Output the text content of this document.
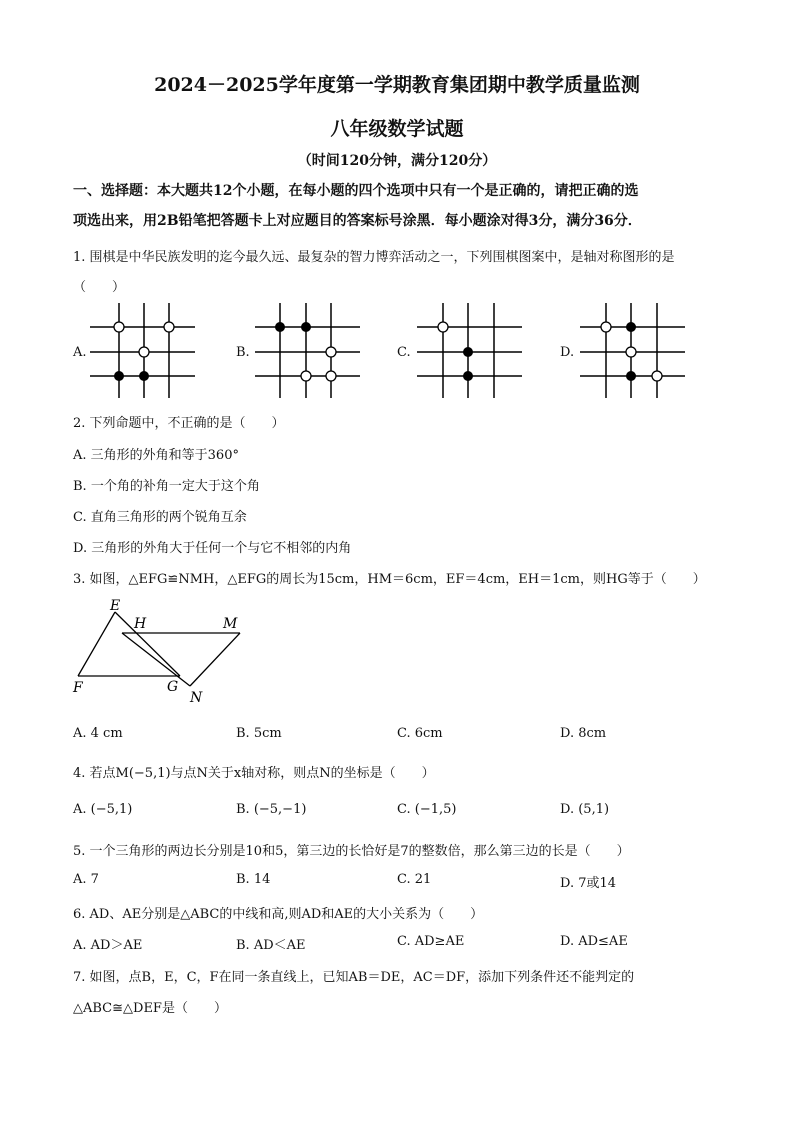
2024－2025学年度第一学期教育集团期中教学质量监测
八年级数学试题
（时间120分钟，满分120分）
一、选择题：本大题共12个小题，在每小题的四个选项中只有一个是正确的，请把正确的选
项选出来，用2B铅笔把答题卡上对应题目的答案标号涂黑．每小题涂对得3分，满分36分．
1. 围棋是中华民族发明的迄今最久远、最复杂的智力博弈活动之一，下列围棋图案中，是轴对称图形的是
（　　）
A.	B.	C.	D.
2. 下列命题中，不正确的是（　　）
A. 三角形的外角和等于360°
B. 一个角的补角一定大于这个角
C. 直角三角形的两个锐角互余
D. 三角形的外角大于任何一个与它不相邻的内角
3. 如图，△EFG≌NMH，△EFG的周长为15cm，HM＝6cm，EF＝4cm，EH＝1cm，则HG等于（　　）
E
H	M
F	G
N
A. 4 cm	B. 5cm	C. 6cm	D. 8cm
4. 若点M(−5,1)与点N关于x轴对称，则点N的坐标是（　　）
A. (−5,1)	B. (−5,−1)	C. (−1,5)	D. (5,1)
5. 一个三角形的两边长分别是10和5，第三边的长恰好是7的整数倍，那么第三边的长是（　　）
A. 7	B. 14	C. 21	D. 7或14
6. AD、AE分别是△ABC的中线和高,则AD和AE的大小关系为（　　）
A. AD＞AE	B. AD＜AE	C. AD≥AE	D. AD≤AE
7. 如图，点B，E，C，F在同一条直线上，已知AB＝DE，AC＝DF，添加下列条件还不能判定的
△ABC≅△DEF是（　　）
